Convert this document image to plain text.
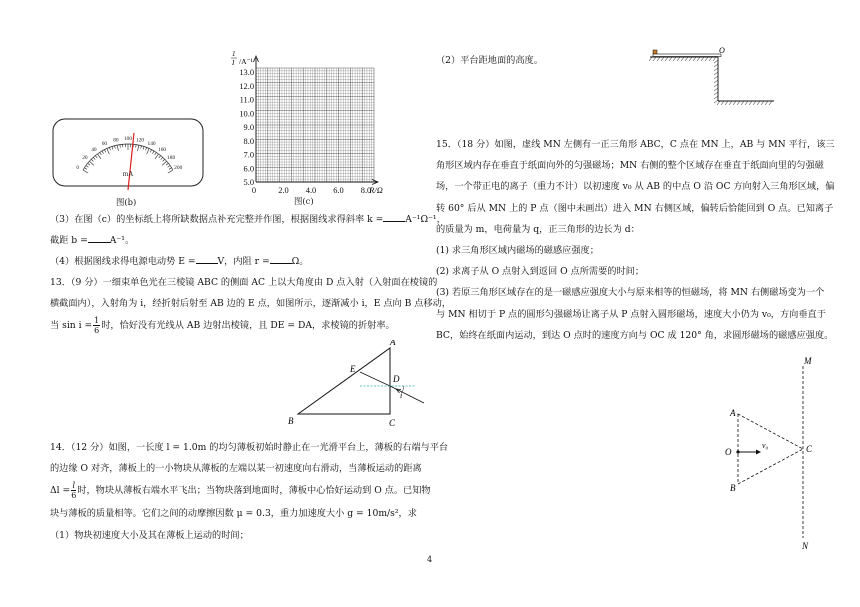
0
20
40
60
80 100 120
140
160
180
200
mA
图(b)
5.0
6.0
7.0
8.0
9.0
10.0
11.0
12.0
13.0
0	2.0 4.0 6.0 8.0
R/Ω
1
I /A⁻¹
图(c)
（3）在图（c）的坐标纸上将所缺数据点补充完整并作图，根据图线求得斜率 k = A⁻¹Ω⁻¹，
截距 b = A⁻¹。
（4）根据图线求得电源电动势 E = V，内阻 r = Ω。
13．（9 分）一细束单色光在三棱镜 ABC 的侧面 AC 上以大角度由 D 点入射（入射面在棱镜的
横截面内），入射角为 i，经折射后射至 AB 边的 E 点，如图所示，逐渐减小 i，E 点向 B 点移动，
当 $\sin i = \frac{1}{6}$ 时，恰好没有光线从 AB 边射出棱镜，且 DE = DA，求棱镜的折射率。
A
B	C
D
E
i
14．（12 分）如图，一长度 l = 1.0m 的均匀薄板初始时静止在一光滑平台上，薄板的右端与平台
的边缘 O 对齐，薄板上的一小物块从薄板的左端以某一初速度向右滑动，当薄板运动的距离
$\Delta l = \frac{l}{6}$ 时，物块从薄板右端水平飞出；当物块落到地面时，薄板中心恰好运动到 O 点。已知物
块与薄板的质量相等。它们之间的动摩擦因数 μ = 0.3，重力加速度大小 g = 10m/s²，求
（1）物块初速度大小及其在薄板上运动的时间；
（2）平台距地面的高度。
O
15．（18 分）如图，虚线 MN 左侧有一正三角形 ABC，C 点在 MN 上，AB 与 MN 平行，该三
角形区域内存在垂直于纸面向外的匀强磁场；MN 右侧的整个区域存在垂直于纸面向里的匀强磁
场，一个带正电的离子（重力不计）以初速度 v₀ 从 AB 的中点 O 沿 OC 方向射入三角形区域，偏
转 60° 后从 MN 上的 P 点（图中未画出）进入 MN 右侧区域，偏转后恰能回到 O 点。已知离子
的质量为 m，电荷量为 q，正三角形的边长为 d：
(1) 求三角形区域内磁场的磁感应强度；
(2) 求离子从 O 点射入到返回 O 点所需要的时间；
(3) 若原三角形区域存在的是一磁感应强度大小与原来相等的恒磁场，将 MN 右侧磁场变为一个
与 MN 相切于 P 点的圆形匀强磁场让离子从 P 点射入圆形磁场，速度大小仍为 v₀，方向垂直于
BC，始终在纸面内运动，到达 O 点时的速度方向与 OC 成 120° 角，求圆形磁场的磁感应强度。
M
N
A
B
C
O
v₀
4
